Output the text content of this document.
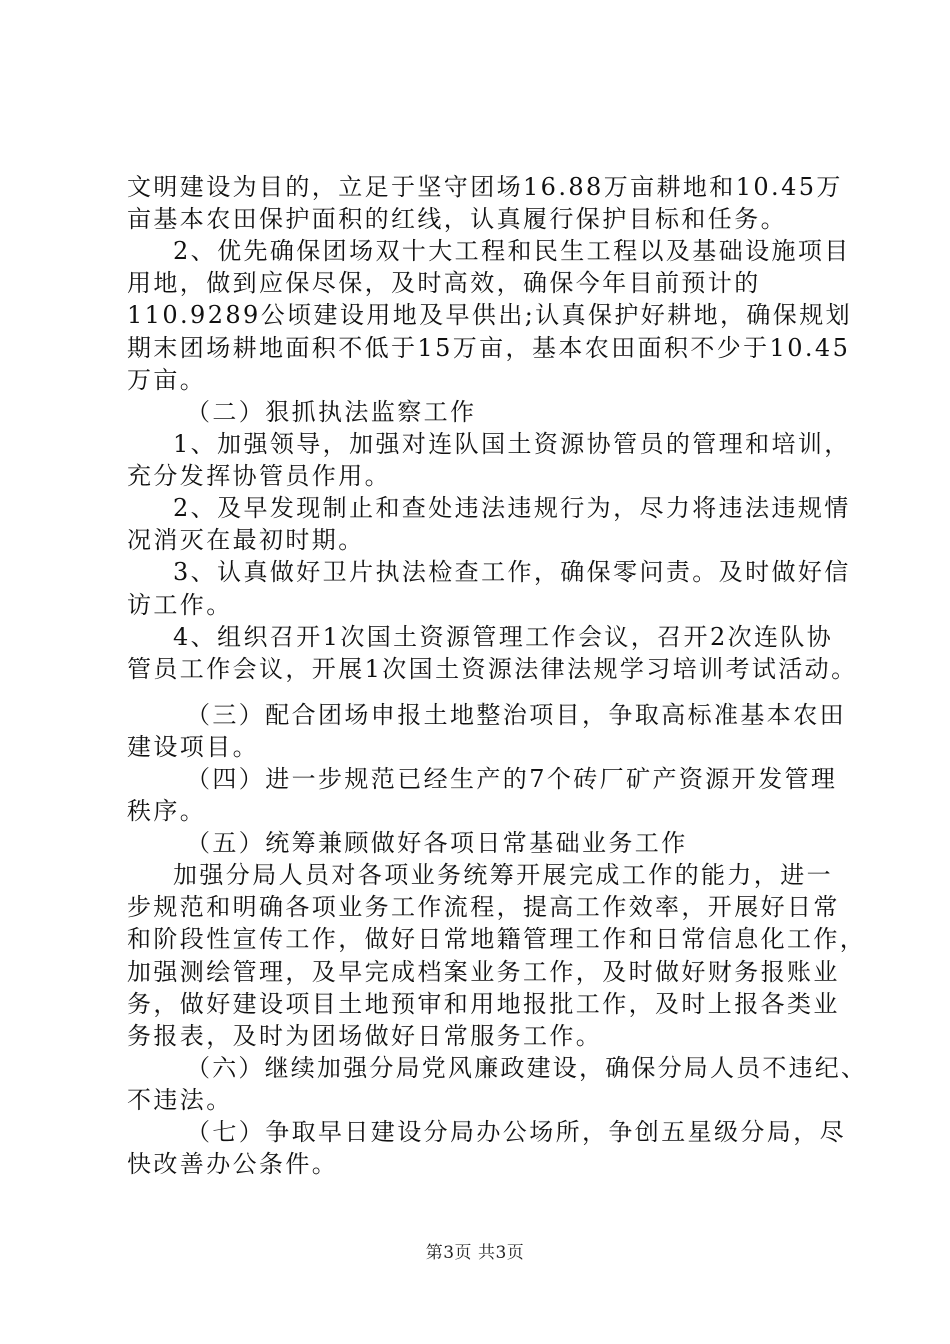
文明建设为目的，立足于坚守团场16.88万亩耕地和10.45万
亩基本农田保护面积的红线，认真履行保护目标和任务。
2、优先确保团场双十大工程和民生工程以及基础设施项目
用地，做到应保尽保，及时高效，确保今年目前预计的
110.9289公顷建设用地及早供出;认真保护好耕地，确保规划
期末团场耕地面积不低于15万亩，基本农田面积不少于10.45
万亩。
（二）狠抓执法监察工作
1、加强领导，加强对连队国土资源协管员的管理和培训，
充分发挥协管员作用。
2、及早发现制止和查处违法违规行为，尽力将违法违规情
况消灭在最初时期。
3、认真做好卫片执法检查工作，确保零问责。及时做好信
访工作。
4、组织召开1次国土资源管理工作会议，召开2次连队协
管员工作会议，开展1次国土资源法律法规学习培训考试活动。
（三）配合团场申报土地整治项目，争取高标准基本农田
建设项目。
（四）进一步规范已经生产的7个砖厂矿产资源开发管理
秩序。
（五）统筹兼顾做好各项日常基础业务工作
加强分局人员对各项业务统筹开展完成工作的能力，进一
步规范和明确各项业务工作流程，提高工作效率，开展好日常
和阶段性宣传工作，做好日常地籍管理工作和日常信息化工作，
加强测绘管理，及早完成档案业务工作，及时做好财务报账业
务，做好建设项目土地预审和用地报批工作，及时上报各类业
务报表，及时为团场做好日常服务工作。
（六）继续加强分局党风廉政建设，确保分局人员不违纪、
不违法。
（七）争取早日建设分局办公场所，争创五星级分局，尽
快改善办公条件。
第3页 共3页
